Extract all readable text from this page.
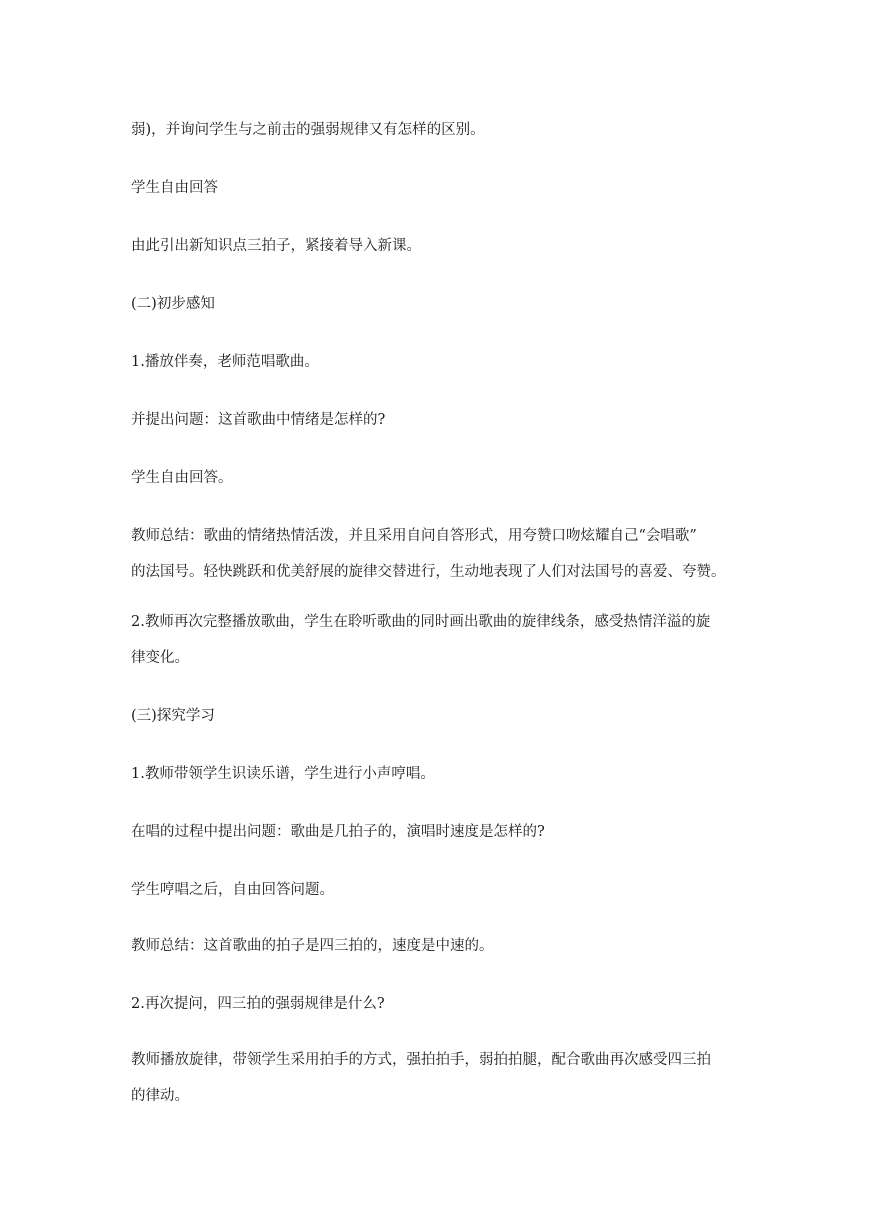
弱)，并询问学生与之前击的强弱规律又有怎样的区别。

学生自由回答

由此引出新知识点三拍子，紧接着导入新课。

(二)初步感知

1.播放伴奏，老师范唱歌曲。

并提出问题：这首歌曲中情绪是怎样的?

学生自由回答。

教师总结：歌曲的情绪热情活泼，并且采用自问自答形式，用夸赞口吻炫耀自己“会唱歌”
的法国号。轻快跳跃和优美舒展的旋律交替进行，生动地表现了人们对法国号的喜爱、夸赞。

2.教师再次完整播放歌曲，学生在聆听歌曲的同时画出歌曲的旋律线条，感受热情洋溢的旋
律变化。

(三)探究学习

1.教师带领学生识读乐谱，学生进行小声哼唱。

在唱的过程中提出问题：歌曲是几拍子的，演唱时速度是怎样的?

学生哼唱之后，自由回答问题。

教师总结：这首歌曲的拍子是四三拍的，速度是中速的。

2.再次提问，四三拍的强弱规律是什么?

教师播放旋律，带领学生采用拍手的方式，强拍拍手，弱拍拍腿，配合歌曲再次感受四三拍
的律动。
